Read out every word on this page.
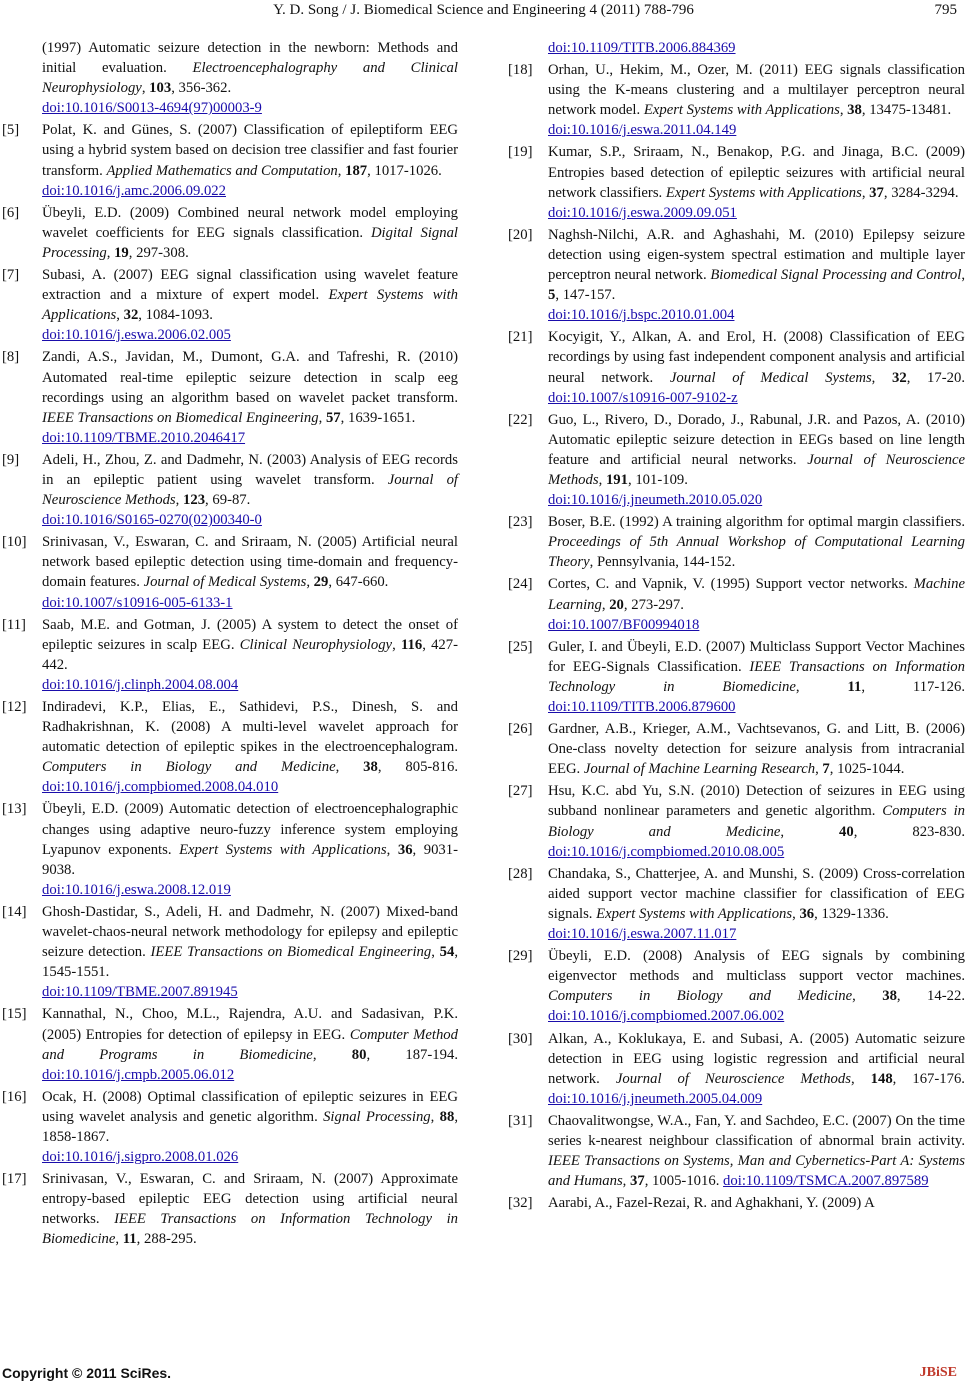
Y. D. Song / J. Biomedical Science and Engineering 4 (2011) 788-796	795
(1997) Automatic seizure detection in the newborn: Methods and initial evaluation. Electroencephalography and Clinical Neurophysiology, 103, 356-362.
doi:10.1016/S0013-4694(97)00003-9
[5] Polat, K. and Günes, S. (2007) Classification of epileptiform EEG using a hybrid system based on decision tree classifier and fast fourier transform. Applied Mathematics and Computation, 187, 1017-1026.
doi:10.1016/j.amc.2006.09.022
[6] Übeyli, E.D. (2009) Combined neural network model employing wavelet coefficients for EEG signals classification. Digital Signal Processing, 19, 297-308.
[7] Subasi, A. (2007) EEG signal classification using wavelet feature extraction and a mixture of expert model. Expert Systems with Applications, 32, 1084-1093.
doi:10.1016/j.eswa.2006.02.005
[8] Zandi, A.S., Javidan, M., Dumont, G.A. and Tafreshi, R. (2010) Automated real-time epileptic seizure detection in scalp eeg recordings using an algorithm based on wavelet packet transform. IEEE Transactions on Biomedical Engineering, 57, 1639-1651.
doi:10.1109/TBME.2010.2046417
[9] Adeli, H., Zhou, Z. and Dadmehr, N. (2003) Analysis of EEG records in an epileptic patient using wavelet transform. Journal of Neuroscience Methods, 123, 69-87.
doi:10.1016/S0165-0270(02)00340-0
[10] Srinivasan, V., Eswaran, C. and Sriraam, N. (2005) Artificial neural network based epileptic detection using time-domain and frequency-domain features. Journal of Medical Systems, 29, 647-660.
doi:10.1007/s10916-005-6133-1
[11] Saab, M.E. and Gotman, J. (2005) A system to detect the onset of epileptic seizures in scalp EEG. Clinical Neurophysiology, 116, 427-442.
doi:10.1016/j.clinph.2004.08.004
[12] Indiradevi, K.P., Elias, E., Sathidevi, P.S., Dinesh, S. and Radhakrishnan, K. (2008) A multi-level wavelet approach for automatic detection of epileptic spikes in the electroencephalogram. Computers in Biology and Medicine, 38, 805-816. doi:10.1016/j.compbiomed.2008.04.010
[13] Übeyli, E.D. (2009) Automatic detection of electroencephalographic changes using adaptive neuro-fuzzy inference system employing Lyapunov exponents. Expert Systems with Applications, 36, 9031-9038.
doi:10.1016/j.eswa.2008.12.019
[14] Ghosh-Dastidar, S., Adeli, H. and Dadmehr, N. (2007) Mixed-band wavelet-chaos-neural network methodology for epilepsy and epileptic seizure detection. IEEE Transactions on Biomedical Engineering, 54, 1545-1551.
doi:10.1109/TBME.2007.891945
[15] Kannathal, N., Choo, M.L., Rajendra, A.U. and Sadasivan, P.K. (2005) Entropies for detection of epilepsy in EEG. Computer Method and Programs in Biomedicine, 80, 187-194. doi:10.1016/j.cmpb.2005.06.012
[16] Ocak, H. (2008) Optimal classification of epileptic seizures in EEG using wavelet analysis and genetic algorithm. Signal Processing, 88, 1858-1867.
doi:10.1016/j.sigpro.2008.01.026
[17] Srinivasan, V., Eswaran, C. and Sriraam, N. (2007) Approximate entropy-based epileptic EEG detection using artificial neural networks. IEEE Transactions on Information Technology in Biomedicine, 11, 288-295.
doi:10.1109/TITB.2006.884369
[18] Orhan, U., Hekim, M., Ozer, M. (2011) EEG signals classification using the K-means clustering and a multilayer perceptron neural network model. Expert Systems with Applications, 38, 13475-13481.
doi:10.1016/j.eswa.2011.04.149
[19] Kumar, S.P., Sriraam, N., Benakop, P.G. and Jinaga, B.C. (2009) Entropies based detection of epileptic seizures with artificial neural network classifiers. Expert Systems with Applications, 37, 3284-3294.
doi:10.1016/j.eswa.2009.09.051
[20] Naghsh-Nilchi, A.R. and Aghashahi, M. (2010) Epilepsy seizure detection using eigen-system spectral estimation and multiple layer perceptron neural network. Biomedical Signal Processing and Control, 5, 147-157.
doi:10.1016/j.bspc.2010.01.004
[21] Kocyigit, Y., Alkan, A. and Erol, H. (2008) Classification of EEG recordings by using fast independent component analysis and artificial neural network. Journal of Medical Systems, 32, 17-20. doi:10.1007/s10916-007-9102-z
[22] Guo, L., Rivero, D., Dorado, J., Rabunal, J.R. and Pazos, A. (2010) Automatic epileptic seizure detection in EEGs based on line length feature and artificial neural networks. Journal of Neuroscience Methods, 191, 101-109.
doi:10.1016/j.jneumeth.2010.05.020
[23] Boser, B.E. (1992) A training algorithm for optimal margin classifiers. Proceedings of 5th Annual Workshop of Computational Learning Theory, Pennsylvania, 144-152.
[24] Cortes, C. and Vapnik, V. (1995) Support vector networks. Machine Learning, 20, 273-297.
doi:10.1007/BF00994018
[25] Guler, I. and Übeyli, E.D. (2007) Multiclass Support Vector Machines for EEG-Signals Classification. IEEE Transactions on Information Technology in Biomedicine, 11, 117-126. doi:10.1109/TITB.2006.879600
[26] Gardner, A.B., Krieger, A.M., Vachtsevanos, G. and Litt, B. (2006) One-class novelty detection for seizure analysis from intracranial EEG. Journal of Machine Learning Research, 7, 1025-1044.
[27] Hsu, K.C. abd Yu, S.N. (2010) Detection of seizures in EEG using subband nonlinear parameters and genetic algorithm. Computers in Biology and Medicine, 40, 823-830. doi:10.1016/j.compbiomed.2010.08.005
[28] Chandaka, S., Chatterjee, A. and Munshi, S. (2009) Cross-correlation aided support vector machine classifier for classification of EEG signals. Expert Systems with Applications, 36, 1329-1336.
doi:10.1016/j.eswa.2007.11.017
[29] Übeyli, E.D. (2008) Analysis of EEG signals by combining eigenvector methods and multiclass support vector machines. Computers in Biology and Medicine, 38, 14-22. doi:10.1016/j.compbiomed.2007.06.002
[30] Alkan, A., Koklukaya, E. and Subasi, A. (2005) Automatic seizure detection in EEG using logistic regression and artificial neural network. Journal of Neuroscience Methods, 148, 167-176. doi:10.1016/j.jneumeth.2005.04.009
[31] Chaovalitwongse, W.A., Fan, Y. and Sachdeo, E.C. (2007) On the time series k-nearest neighbour classification of abnormal brain activity. IEEE Transactions on Systems, Man and Cybernetics-Part A: Systems and Humans, 37, 1005-1016. doi:10.1109/TSMCA.2007.897589
[32] Aarabi, A., Fazel-Rezai, R. and Aghakhani, Y. (2009) A
Copyright © 2011 SciRes.	JBiSE
